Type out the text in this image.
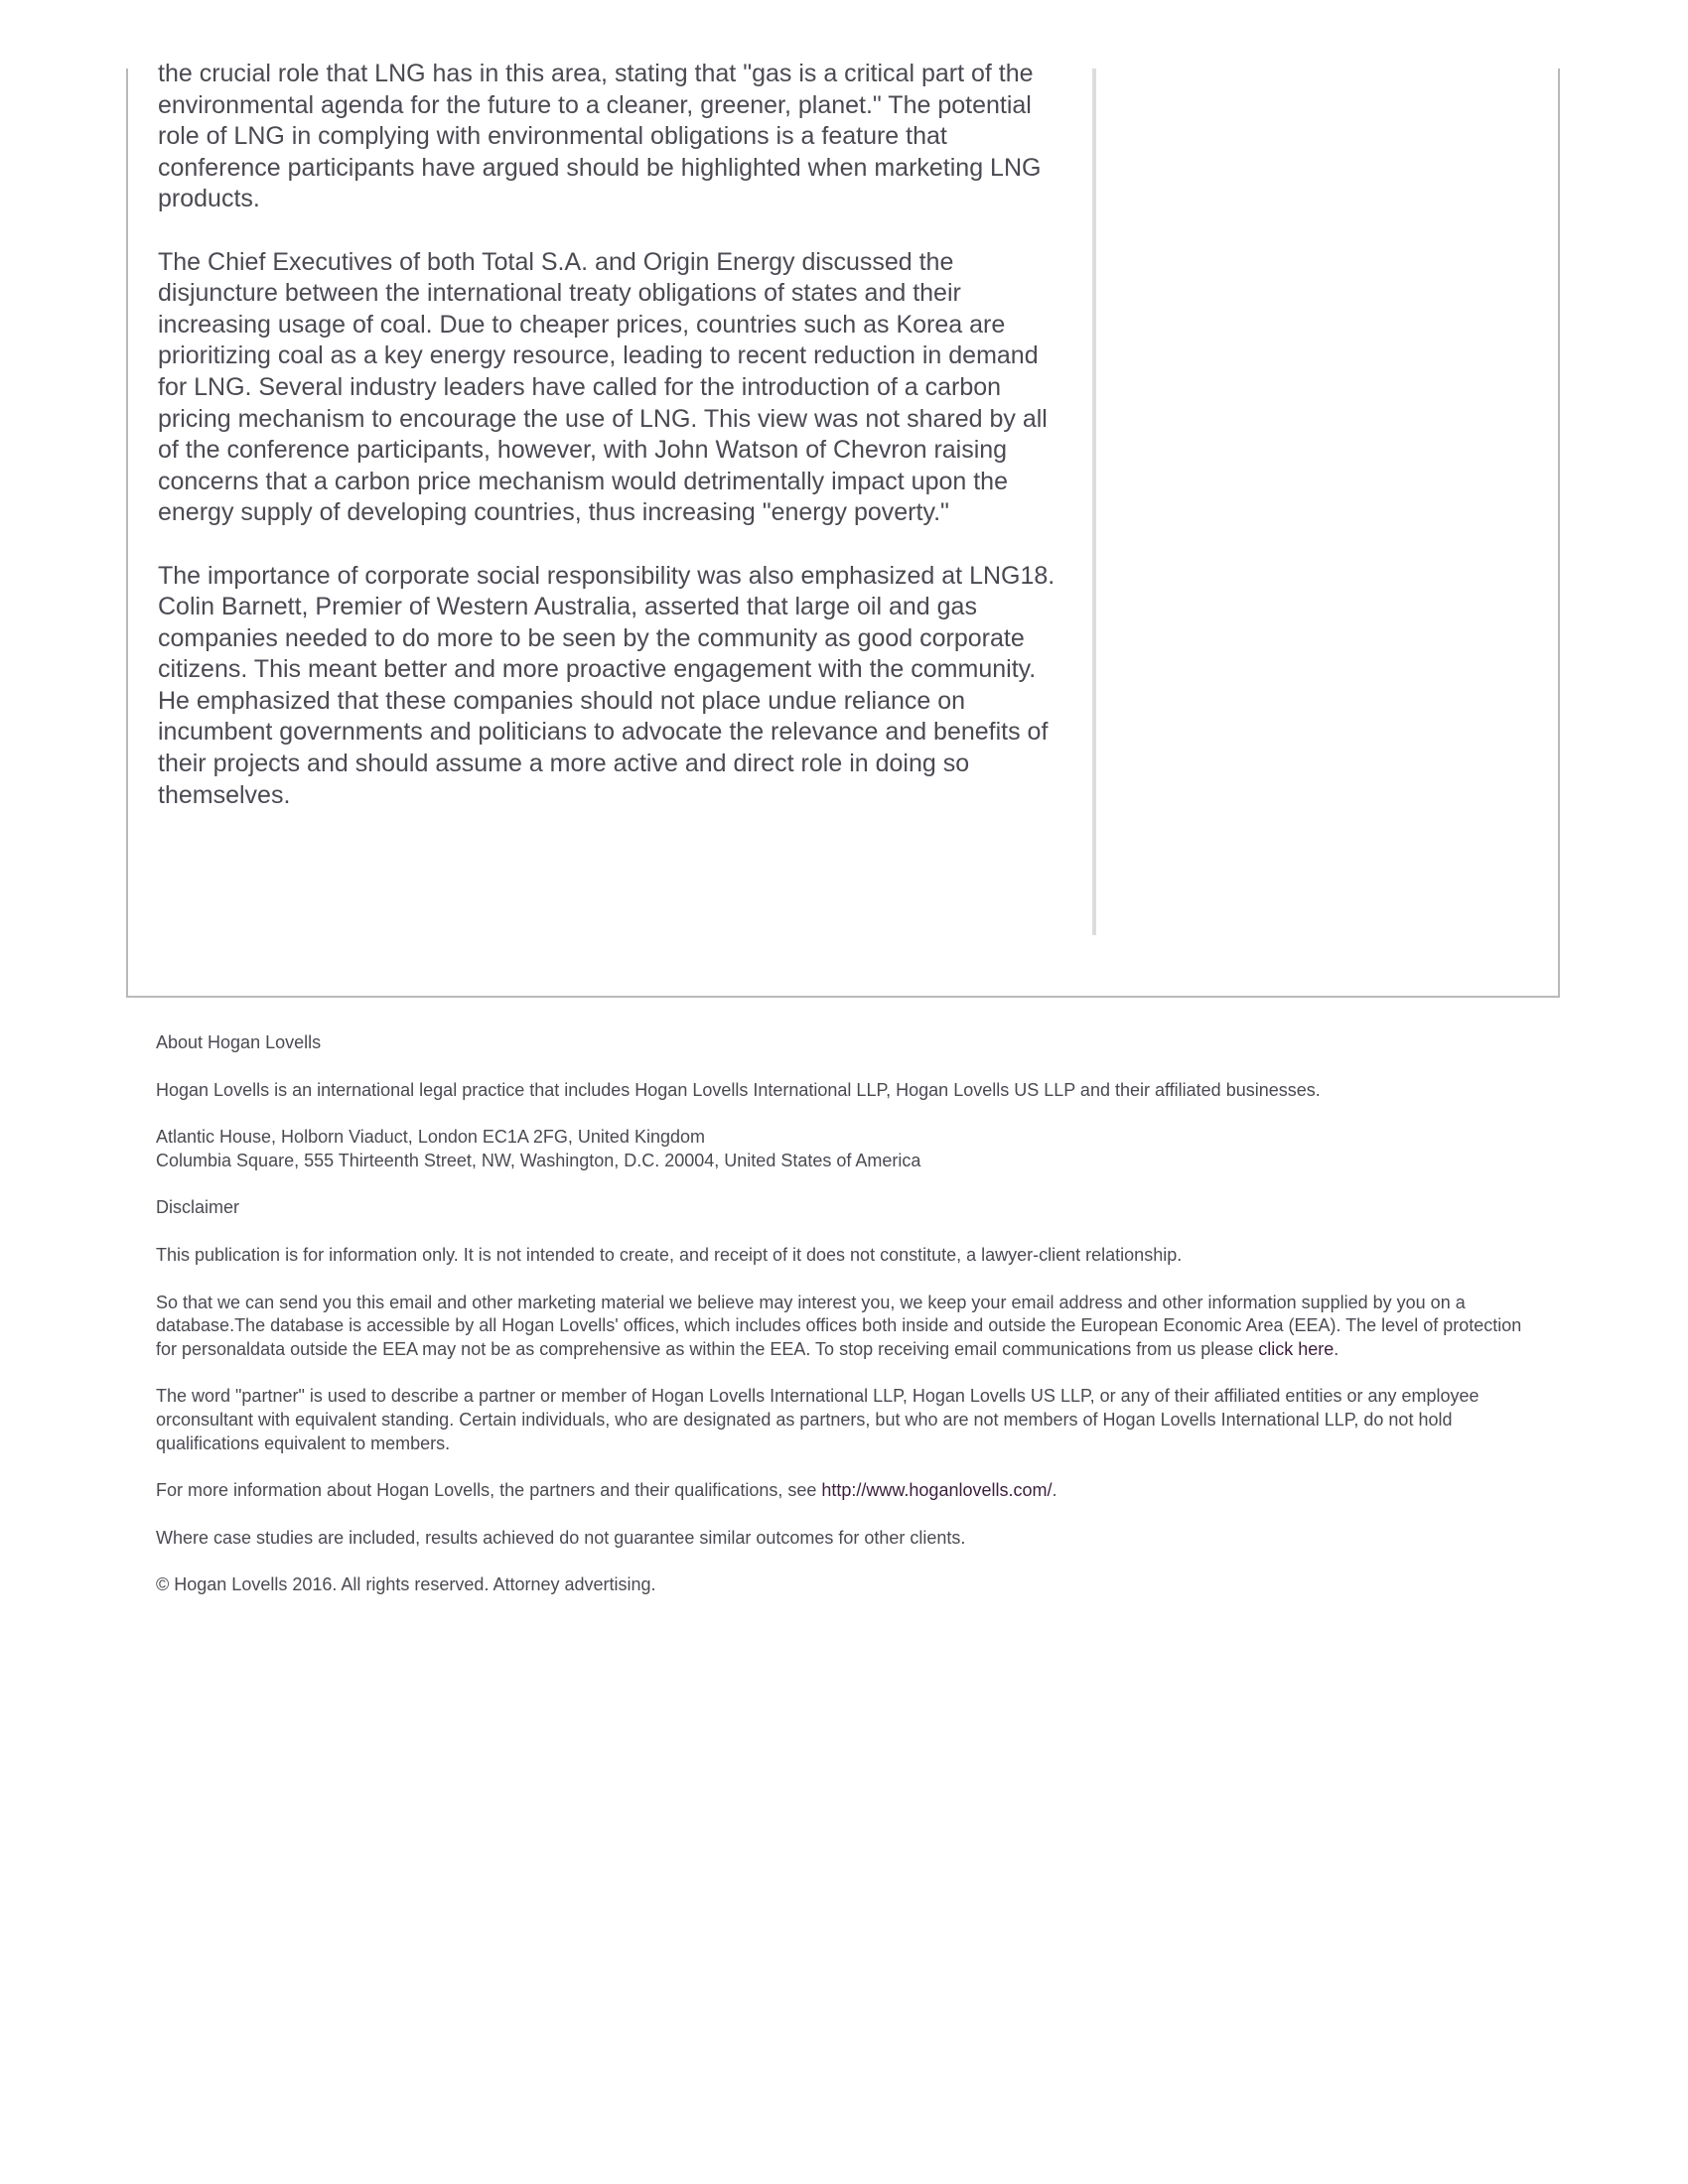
the crucial role that LNG has in this area, stating that "gas is a critical part of the environmental agenda for the future to a cleaner, greener, planet." The potential role of LNG in complying with environmental obligations is a feature that conference participants have argued should be highlighted when marketing LNG products.

The Chief Executives of both Total S.A. and Origin Energy discussed the disjuncture between the international treaty obligations of states and their increasing usage of coal. Due to cheaper prices, countries such as Korea are prioritizing coal as a key energy resource, leading to recent reduction in demand for LNG. Several industry leaders have called for the introduction of a carbon pricing mechanism to encourage the use of LNG. This view was not shared by all of the conference participants, however, with John Watson of Chevron raising concerns that a carbon price mechanism would detrimentally impact upon the energy supply of developing countries, thus increasing "energy poverty."

The importance of corporate social responsibility was also emphasized at LNG18. Colin Barnett, Premier of Western Australia, asserted that large oil and gas companies needed to do more to be seen by the community as good corporate citizens. This meant better and more proactive engagement with the community. He emphasized that these companies should not place undue reliance on incumbent governments and politicians to advocate the relevance and benefits of their projects and should assume a more active and direct role in doing so themselves.

About Hogan Lovells

Hogan Lovells is an international legal practice that includes Hogan Lovells International LLP, Hogan Lovells US LLP and their affiliated businesses.

Atlantic House, Holborn Viaduct, London EC1A 2FG, United Kingdom
Columbia Square, 555 Thirteenth Street, NW, Washington, D.C. 20004, United States of America

Disclaimer

This publication is for information only. It is not intended to create, and receipt of it does not constitute, a lawyer-client relationship.

So that we can send you this email and other marketing material we believe may interest you, we keep your email address and other information supplied by you on a database.The database is accessible by all Hogan Lovells' offices, which includes offices both inside and outside the European Economic Area (EEA). The level of protection for personaldata outside the EEA may not be as comprehensive as within the EEA. To stop receiving email communications from us please click here.

The word "partner" is used to describe a partner or member of Hogan Lovells International LLP, Hogan Lovells US LLP, or any of their affiliated entities or any employee orconsultant with equivalent standing. Certain individuals, who are designated as partners, but who are not members of Hogan Lovells International LLP, do not hold qualifications equivalent to members.

For more information about Hogan Lovells, the partners and their qualifications, see http://www.hoganlovells.com/.

Where case studies are included, results achieved do not guarantee similar outcomes for other clients.

© Hogan Lovells 2016. All rights reserved. Attorney advertising.
